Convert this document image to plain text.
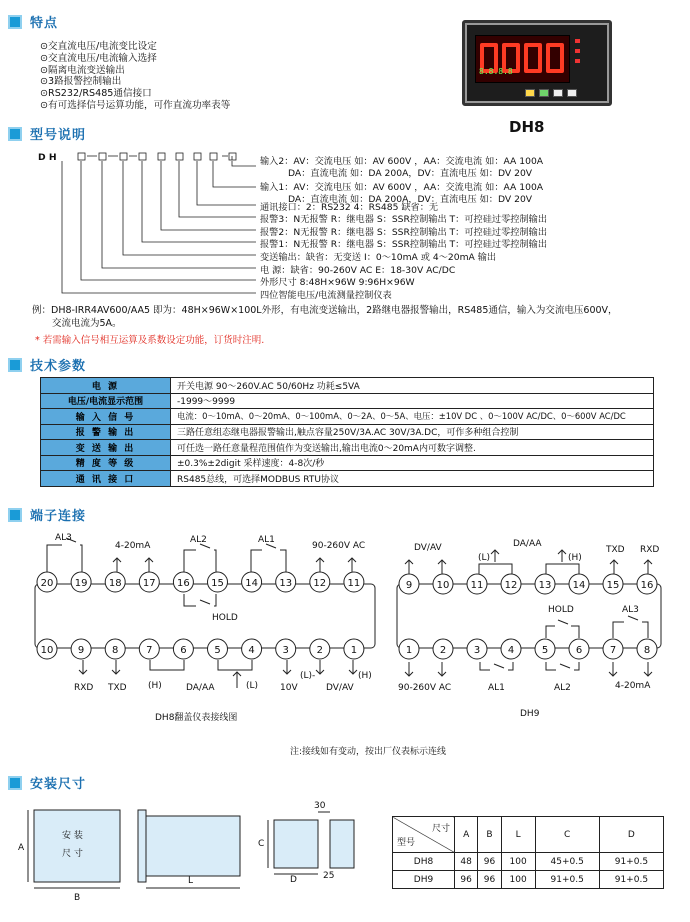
特点
型号说明
技术参数
端子连接
安装尺寸
⊙交直流电压/电流变比设定
⊙交直流电压/电流输入选择
⊙隔离电流变送输出
⊙3路报警控制输出
⊙RS232/RS485通信接口
⊙有可选择信号运算功能，可作直流功率表等
8.8.8.8
DH8
D H	输入2：AV：交流电压 如：AV 600V ，AA：交流电流 如：AA 100A
DA：直流电流 如：DA 200A，DV：直流电压 如：DV 20V
输入1：AV：交流电压 如：AV 600V ，AA：交流电流 如：AA 100A
DA：直流电流 如：DA 200A，DV：直流电压 如：DV 20V
通讯接口：2：RS232 4：RS485 缺省：无
报警3：N无报警 R：继电器 S：SSR控制输出 T：可控硅过零控制输出
报警2：N无报警 R：继电器 S：SSR控制输出 T：可控硅过零控制输出
报警1：N无报警 R：继电器 S：SSR控制输出 T：可控硅过零控制输出
变送输出：缺省：无变送 I：0～10mA 或 4～20mA 输出
电 源：缺省：90-260V AC E：18-30V AC/DC
外形尺寸 8:48H×96W 9:96H×96W
四位智能电压/电流测量控制仪表
例：DH8-IRR4AV600/AA5 即为：48H×96W×100L外形，有电流变送输出，2路继电器报警输出，RS485通信，输入为交流电压600V，
交流电流为5A。
* 若需输入信号相互运算及系数设定功能，订货时注明.
电 源	开关电源 90～260V.AC 50/60Hz 功耗≤5VA
电压/电流显示范围	-1999～9999
输 入 信 号	电流：0～10mA、0～20mA、0～100mA、0～2A、0～5A、电压：±10V DC 、0～100V AC/DC、0～600V AC/DC
报 警 输 出	三路任意组态继电器报警输出,触点容量250V/3A.AC 30V/3A.DC，可作多种组合控制
变 送 输 出	可任选一路任意量程范围值作为变送输出,输出电流0～20mA内可数字调整.
精 度 等 级	±0.3%±2digit 采样速度：4-8次/秒
通 讯 接 口	RS485总线，可选择MODBUS RTU协议
20 19 18 17 16 15 14 13 12 11
10 9	8	7	6	5	4	3	2	1
9 10 11 12 13 14 15 16
1	2	3	4	5	6	7	8
AL3
4-20mA
AL2	AL1
90-260V AC
HOLD
RXD TXD (H)	DA/AA	(L) 10V
(L)-
DV/AV
(H)
DH8翻盖仪表接线图
DV/AV
(L)
DA/AA
(H)
TXD RXD
HOLD	AL3
90-260V AC	AL1	AL2	4-20mA
DH9
注:接线如有变动，按出厂仪表标示连线
安 装
尺 寸
A
B
L
C
D
30
25
尺寸
型号	A	B	L	C	D
DH8	48	96	100	45+0.5	91+0.5
DH9	96	96	100	91+0.5	91+0.5
